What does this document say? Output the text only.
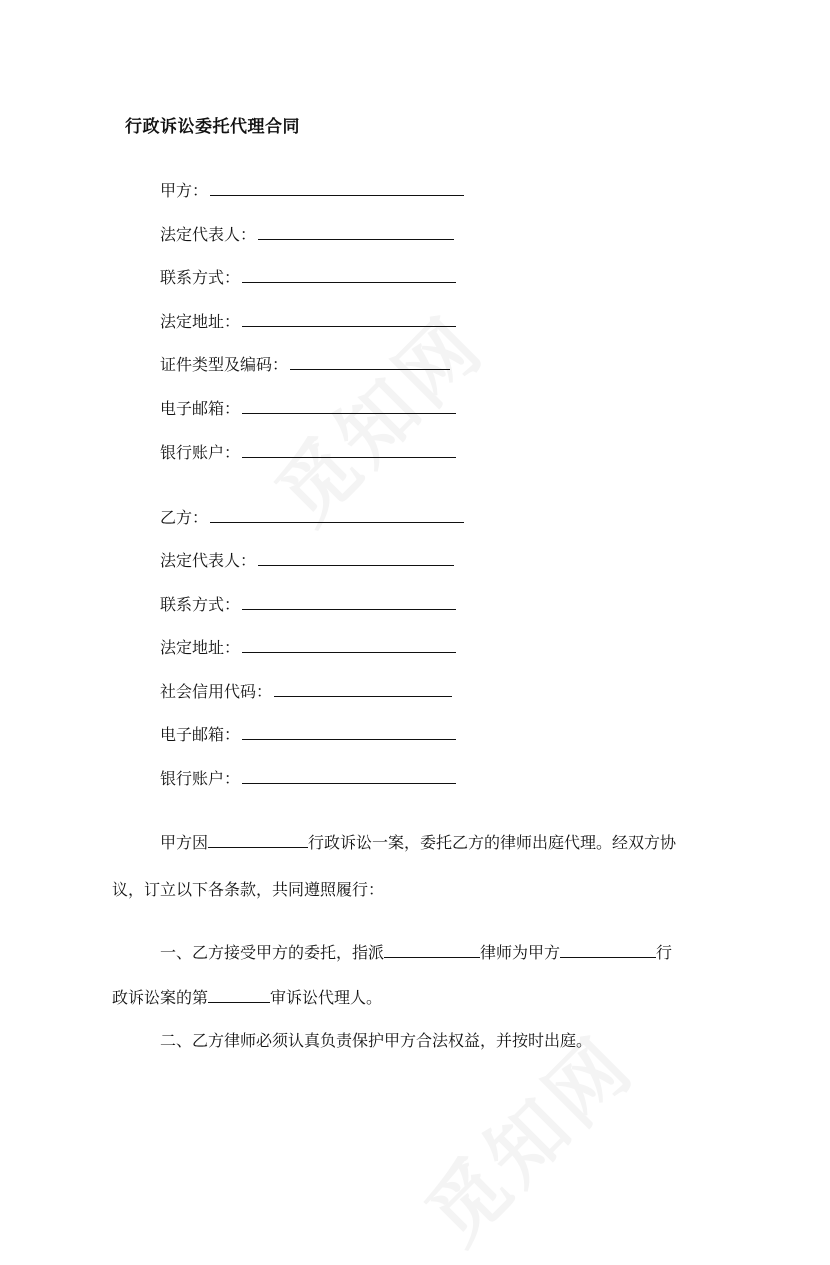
行政诉讼委托代理合同
甲方：
法定代表人：
联系方式：
法定地址：
证件类型及编码：
电子邮箱：
银行账户：
乙方：
法定代表人：
联系方式：
法定地址：
社会信用代码：
电子邮箱：
银行账户：
甲方因	行政诉讼一案，委托乙方的律师出庭代理。经双方协
议，订立以下各条款，共同遵照履行：
一、乙方接受甲方的委托，指派	律师为甲方	行
政诉讼案的第	审诉讼代理人。
二、乙方律师必须认真负责保护甲方合法权益，并按时出庭。
